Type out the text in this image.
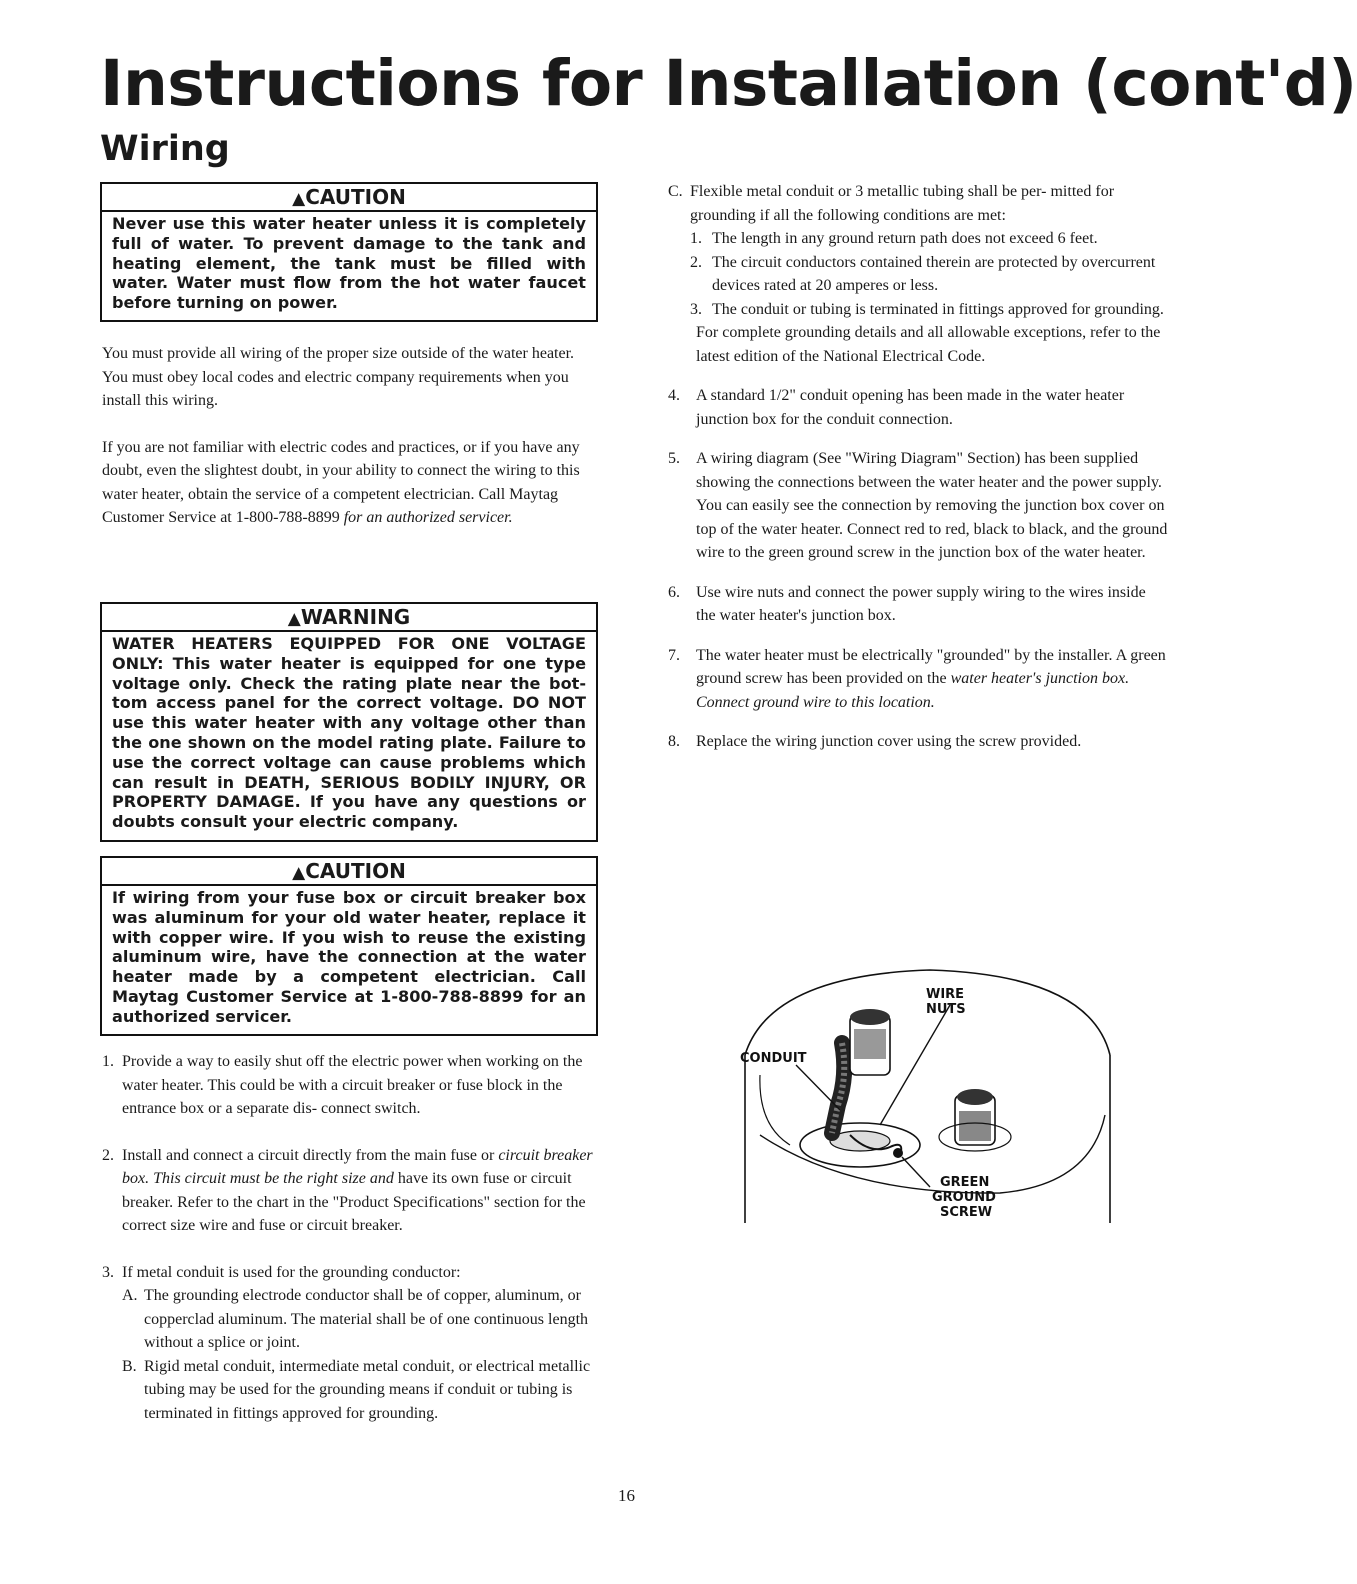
Instructions for Installation (cont'd)
Wiring
▲CAUTION
Never use this water heater unless it is completely full of water. To prevent damage to the tank and heating element, the tank must be filled with water. Water must flow from the hot water faucet before turning on power.
You must provide all wiring of the proper size outside of the water heater. You must obey local codes and electric company requirements when you install this wiring.
If you are not familiar with electric codes and practices, or if you have any doubt, even the slightest doubt, in your ability to connect the wiring to this water heater, obtain the service of a competent electrician. Call Maytag Customer Service at 1-800-788-8899 for an authorized servicer.
▲WARNING
WATER HEATERS EQUIPPED FOR ONE VOLTAGE ONLY: This water heater is equipped for one type voltage only. Check the rating plate near the bot- tom access panel for the correct voltage. DO NOT use this water heater with any voltage other than the one shown on the model rating plate. Failure to use the correct voltage can cause problems which can result in DEATH, SERIOUS BODILY INJURY, OR PROPERTY DAMAGE. If you have any questions or doubts consult your electric company.
▲CAUTION
If wiring from your fuse box or circuit breaker box was aluminum for your old water heater, replace it with copper wire. If you wish to reuse the existing aluminum wire, have the connection at the water heater made by a competent electrician. Call Maytag Customer Service at 1-800-788-8899 for an authorized servicer.
1. Provide a way to easily shut off the electric power when working on the water heater. This could be with a circuit breaker or fuse block in the entrance box or a separate dis- connect switch.
2. Install and connect a circuit directly from the main fuse or circuit breaker box. This circuit must be the right size and have its own fuse or circuit breaker. Refer to the chart in the "Product Specifications" section for the correct size wire and fuse or circuit breaker.
3. If metal conduit is used for the grounding conductor:
A. The grounding electrode conductor shall be of copper, aluminum, or copperclad aluminum. The material shall be of one continuous length without a splice or joint.
B. Rigid metal conduit, intermediate metal conduit, or electrical metallic tubing may be used for the grounding means if conduit or tubing is terminated in fittings approved for grounding.
C. Flexible metal conduit or 3 metallic tubing shall be per- mitted for grounding if all the following conditions are met:
1. The length in any ground return path does not exceed 6 feet.
2. The circuit conductors contained therein are protected by overcurrent devices rated at 20 amperes or less.
3. The conduit or tubing is terminated in fittings approved for grounding.
For complete grounding details and all allowable exceptions, refer to the latest edition of the National Electrical Code.
4. A standard 1/2" conduit opening has been made in the water heater junction box for the conduit connection.
5. A wiring diagram (See "Wiring Diagram" Section) has been supplied showing the connections between the water heater and the power supply. You can easily see the connection by removing the junction box cover on top of the water heater. Connect red to red, black to black, and the ground wire to the green ground screw in the junction box of the water heater.
6. Use wire nuts and connect the power supply wiring to the wires inside the water heater's junction box.
7. The water heater must be electrically "grounded" by the installer. A green ground screw has been provided on the water heater's junction box. Connect ground wire to this location.
8. Replace the wiring junction cover using the screw provided.
WIRE NUTS
CONDUIT
GREEN
GROUND
SCREW
16
